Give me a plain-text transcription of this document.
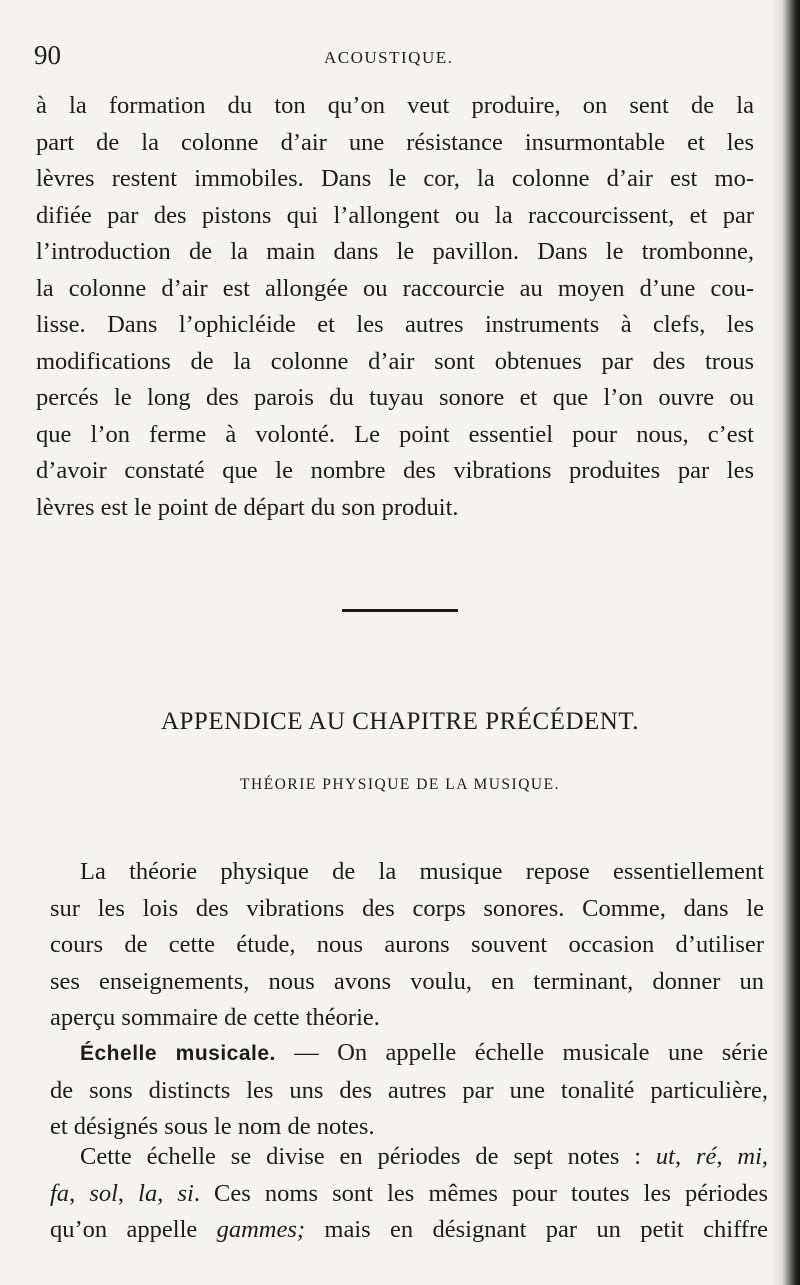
90	ACOUSTIQUE.
à la formation du ton qu’on veut produire, on sent de la
part de la colonne d’air une résistance insurmontable et les
lèvres restent immobiles. Dans le cor, la colonne d’air est mo-
difiée par des pistons qui l’allongent ou la raccourcissent, et par
l’introduction de la main dans le pavillon. Dans le trombonne,
la colonne d’air est allongée ou raccourcie au moyen d’une cou-
lisse. Dans l’ophicléide et les autres instruments à clefs, les
modifications de la colonne d’air sont obtenues par des trous
percés le long des parois du tuyau sonore et que l’on ouvre ou
que l’on ferme à volonté. Le point essentiel pour nous, c’est
d’avoir constaté que le nombre des vibrations produites par les
lèvres est le point de départ du son produit.
APPENDICE AU CHAPITRE PRÉCÉDENT.
THÉORIE PHYSIQUE DE LA MUSIQUE.
La théorie physique de la musique repose essentiellement
sur les lois des vibrations des corps sonores. Comme, dans le
cours de cette étude, nous aurons souvent occasion d’utiliser
ses enseignements, nous avons voulu, en terminant, donner un
aperçu sommaire de cette théorie.
Échelle musicale. — On appelle échelle musicale une série
de sons distincts les uns des autres par une tonalité particulière,
et désignés sous le nom de notes.
Cette échelle se divise en périodes de sept notes : ut, ré, mi,
fa, sol, la, si. Ces noms sont les mêmes pour toutes les périodes
qu’on appelle gammes; mais en désignant par un petit chiffre
